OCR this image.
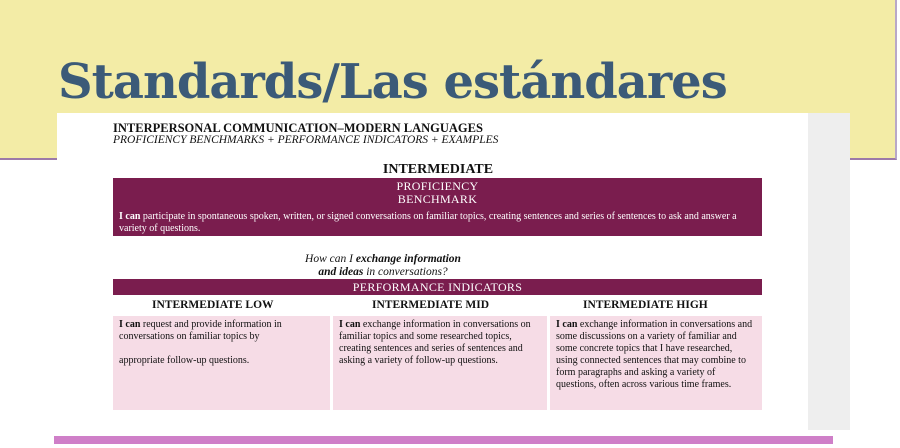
Standards/Las estándares
INTERPERSONAL COMMUNICATION–MODERN LANGUAGES
PROFICIENCY BENCHMARKS + PERFORMANCE INDICATORS + EXAMPLES
INTERMEDIATE
PROFICIENCY
BENCHMARK
I can participate in spontaneous spoken, written, or signed conversations on familiar topics, creating sentences and series of sentences to ask and answer a variety of questions.
How can I exchange information
and ideas in conversations?
PERFORMANCE INDICATORS
INTERMEDIATE LOW	INTERMEDIATE MID	INTERMEDIATE HIGH
I can request and provide information in conversations on familiar topics by
appropriate follow-up questions.
I can exchange information in conversations on familiar topics and some researched topics, creating sentences and series of sentences and asking a variety of follow-up questions.
I can exchange information in conversations and some discussions on a variety of familiar and some concrete topics that I have researched, using connected sentences that may combine to form paragraphs and asking a variety of questions, often across various time frames.
